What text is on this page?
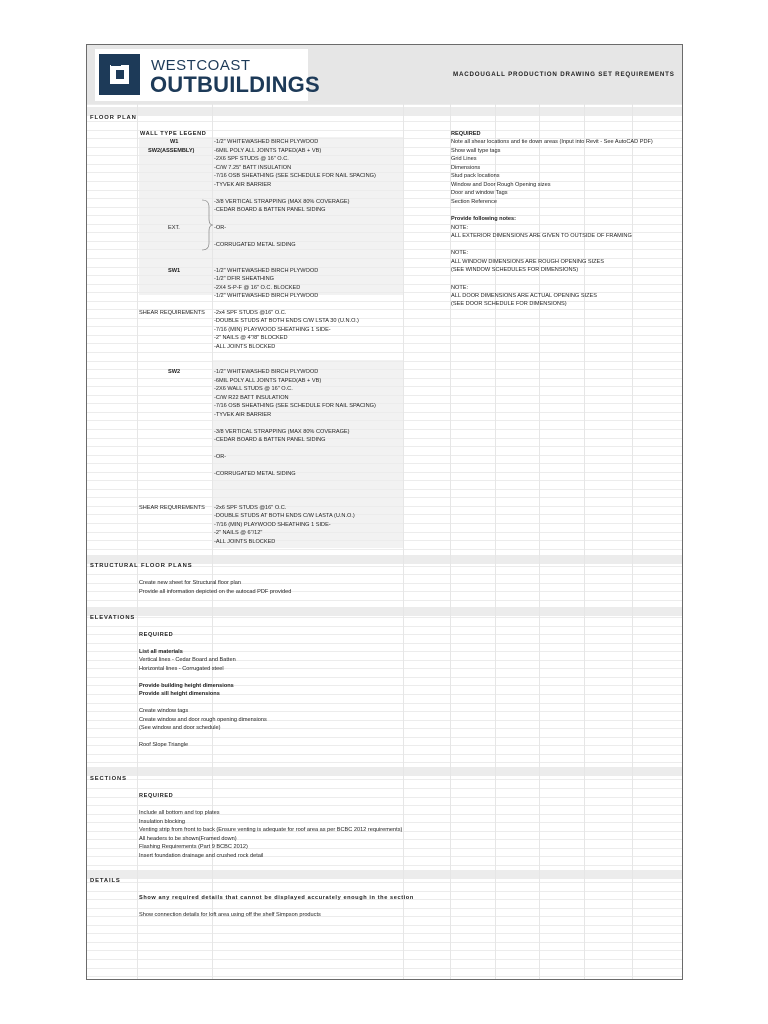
WESTCOAST
OUTBUILDINGS	MACDOUGALL PRODUCTION DRAWING SET REQUIREMENTS
FLOOR PLAN
WALL TYPE LEGEND
W1
SW2(ASSEMBLY)
EXT.
SW1
SHEAR REQUIREMENTS
SW2
SHEAR REQUIREMENTS
-1/2" WHITEWASHED BIRCH PLYWOOD
-6MIL POLY ALL JOINTS TAPED(AB + VB)
-2X6 SPF STUDS @ 16" O.C.
-C/W 7.25" BATT INSULATION
-7/16 OSB SHEATHING (SEE SCHEDULE FOR NAIL SPACING)
-TYVEK AIR BARRIER
-3/8 VERTICAL STRAPPING (MAX 80% COVERAGE)
-CEDAR BOARD & BATTEN PANEL SIDING
-OR-
-CORRUGATED METAL SIDING
-1/2" WHITEWASHED BIRCH PLYWOOD
-1/2" DFIR SHEATHING
-2X4 S-P-F @ 16" O.C. BLOCKED
-1/2" WHITEWASHED BIRCH PLYWOOD
-2x4 SPF STUDS @16" O.C.
-DOUBLE STUDS AT BOTH ENDS C/W LSTA 30 (U.N.O.)
-7/16 (MIN) PLAYWOOD SHEATHING 1 SIDE-
-2" NAILS @ 4"/8" BLOCKED
-ALL JOINTS BLOCKED
-1/2" WHITEWASHED BIRCH PLYWOOD
-6MIL POLY ALL JOINTS TAPED(AB + VB)
-2X6 WALL STUDS @ 16" O.C.
-C/W R22 BATT INSULATION
-7/16 OSB SHEATHING (SEE SCHEDULE FOR NAIL SPACING)
-TYVEK AIR BARRIER
-3/8 VERTICAL STRAPPING (MAX 80% COVERAGE)
-CEDAR BOARD & BATTEN PANEL SIDING
-OR-
-CORRUGATED METAL SIDING
-2x6 SPF STUDS @16" O.C.
-DOUBLE STUDS AT BOTH ENDS C/W LASTA (U.N.O.)
-7/16 (MIN) PLAYWOOD SHEATHING 1 SIDE-
-2" NAILS @ 6"/12"
-ALL JOINTS BLOCKED
REQUIRED
Note all shear locations and tie down areas (Input into Revit - See AutoCAD PDF)
Show wall type tags
Grid Lines
Dimensions
Stud pack locations
Window and Door Rough Opening sizes
Door and window Tags
Section Reference
Provide following notes:
NOTE:
ALL EXTERIOR DIMENSIONS ARE GIVEN TO OUTSIDE OF FRAMING
NOTE:
ALL WINDOW DIMENSIONS ARE ROUGH OPENING SIZES
(SEE WINDOW SCHEDULES FOR DIMENSIONS)
NOTE:
ALL DOOR DIMENSIONS ARE ACTUAL OPENING SIZES
(SEE DOOR SCHEDULE FOR DIMENSIONS)
STRUCTURAL FLOOR PLANS
Create new sheet for Structural floor plan
Provide all information depicted on the autocad PDF provided
ELEVATIONS
REQUIRED
List all materials
Vertical lines - Cedar Board and Batten
Horizontal lines - Corrugated steel
Provide building height dimensions
Provide sill height dimensions
Create window tags
Create window and door rough opening dimensions
(See window and door schedule)
Roof Slope Triangle
SECTIONS
REQUIRED
Include all bottom and top plates
Insulation blocking
Venting strip from front to back (Ensure venting is adequate for roof area as per BCBC 2012 requirements)
All headers to be shown(Framed down)
Flashing Requirements (Part 9 BCBC 2012)
Insert foundation drainage and crushed rock detail
DETAILS
Show any required details that cannot be displayed accurately enough in the section
Show connection details for loft area using off the shelf Simpson products
